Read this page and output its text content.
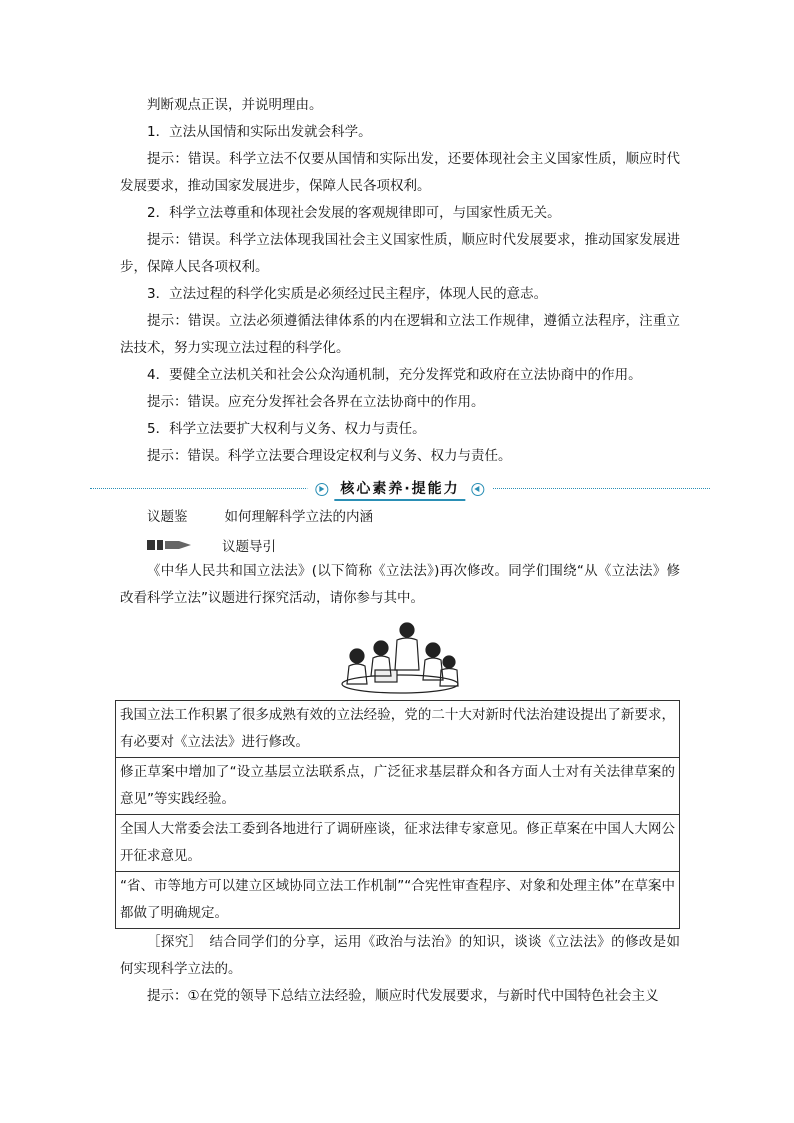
判断观点正误，并说明理由。

1．立法从国情和实际出发就会科学。

提示：错误。科学立法不仅要从国情和实际出发，还要体现社会主义国家性质，顺应时代发展要求，推动国家发展进步，保障人民各项权利。

2．科学立法尊重和体现社会发展的客观规律即可，与国家性质无关。

提示：错误。科学立法体现我国社会主义国家性质，顺应时代发展要求，推动国家发展进步，保障人民各项权利。

3．立法过程的科学化实质是必须经过民主程序，体现人民的意志。

提示：错误。立法必须遵循法律体系的内在逻辑和立法工作规律，遵循立法程序，注重立法技术，努力实现立法过程的科学化。

4．要健全立法机关和社会公众沟通机制，充分发挥党和政府在立法协商中的作用。

提示：错误。应充分发挥社会各界在立法协商中的作用。

5．科学立法要扩大权利与义务、权力与责任。

提示：错误。科学立法要合理设定权利与义务、权力与责任。

核心素养·提能力

议题鉴	如何理解科学立法的内涵

议题导引

《中华人民共和国立法法》(以下简称《立法法》)再次修改。同学们围绕“从《立法法》修改看科学立法”议题进行探究活动，请你参与其中。

我国立法工作积累了很多成熟有效的立法经验，党的二十大对新时代法治建设提出了新要求，有必要对《立法法》进行修改。
修正草案中增加了“设立基层立法联系点，广泛征求基层群众和各方面人士对有关法律草案的意见”等实践经验。
全国人大常委会法工委到各地进行了调研座谈，征求法律专家意见。修正草案在中国人大网公开征求意见。
“省、市等地方可以建立区域协同立法工作机制”“合宪性审查程序、对象和处理主体”在草案中都做了明确规定。

［探究］　结合同学们的分享，运用《政治与法治》的知识，谈谈《立法法》的修改是如何实现科学立法的。

提示：①在党的领导下总结立法经验，顺应时代发展要求，与新时代中国特色社会主义
